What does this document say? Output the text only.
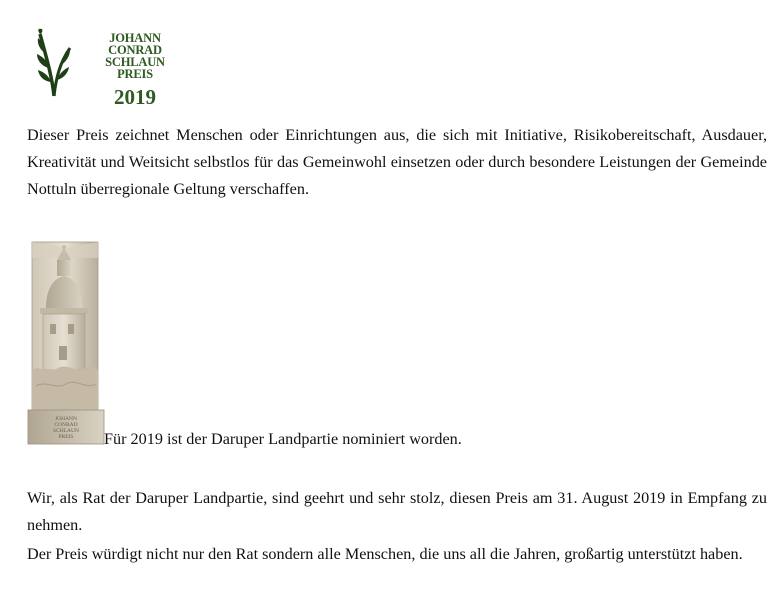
JOHANN
CONRAD
SCHLAUN
PREIS
2019

Dieser Preis zeichnet Menschen oder Einrichtungen aus, die sich mit Initiative, Risikobereitschaft, Ausdauer, Kreativität und Weitsicht selbstlos für das Gemeinwohl einsetzen oder durch besondere Leistungen der Gemeinde Nottuln überregionale Geltung verschaffen.

JOHANN
CONRAD
SCHLAUN
PREIS Für 2019 ist der Daruper Landpartie nominiert worden.

Wir, als Rat der Daruper Landpartie, sind geehrt und sehr stolz, diesen Preis am 31. August 2019 in Empfang zu nehmen.

Der Preis würdigt nicht nur den Rat sondern alle Menschen, die uns all die Jahren, großartig unterstützt haben.
